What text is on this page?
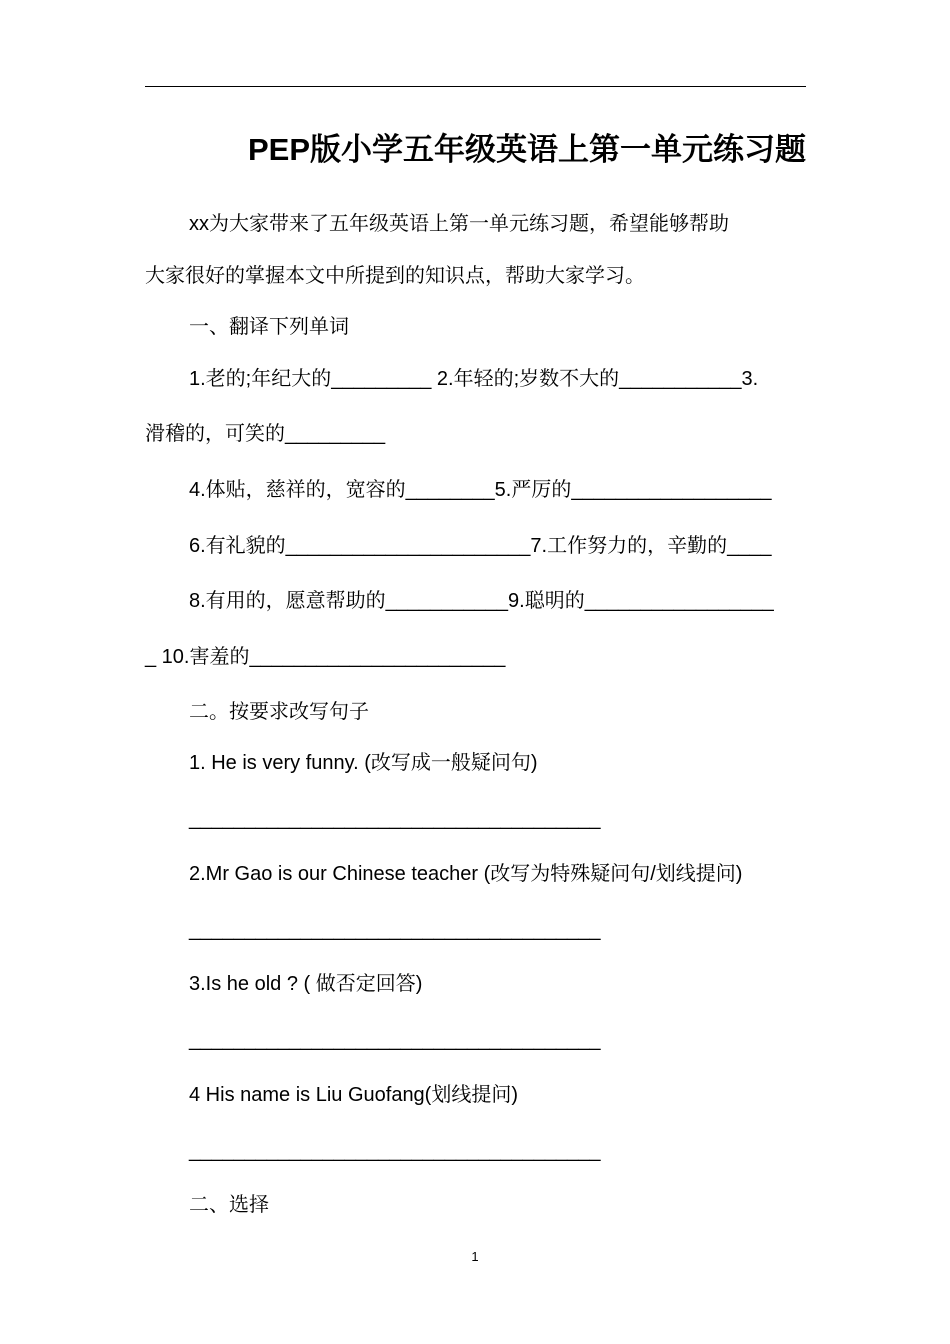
PEP版小学五年级英语上第一单元练习题
xx为大家带来了五年级英语上第一单元练习题，希望能够帮助
大家很好的掌握本文中所提到的知识点，帮助大家学习。
一、翻译下列单词
1.老的;年纪大的_________ 2.年轻的;岁数不大的___________3.
滑稽的，可笑的_________
4.体贴，慈祥的，宽容的________5.严厉的__________________
6.有礼貌的______________________7.工作努力的，辛勤的____
8.有用的，愿意帮助的___________9.聪明的_________________
_ 10.害羞的_______________________
二。按要求改写句子
1. He is very funny. (改写成一般疑问句)
_____________________________________
2.Mr Gao is our Chinese teacher (改写为特殊疑问句/划线提问)
_____________________________________
3.Is he old ? ( 做否定回答)
_____________________________________
4 His name is Liu Guofang(划线提问)
_____________________________________
二、选择
1
